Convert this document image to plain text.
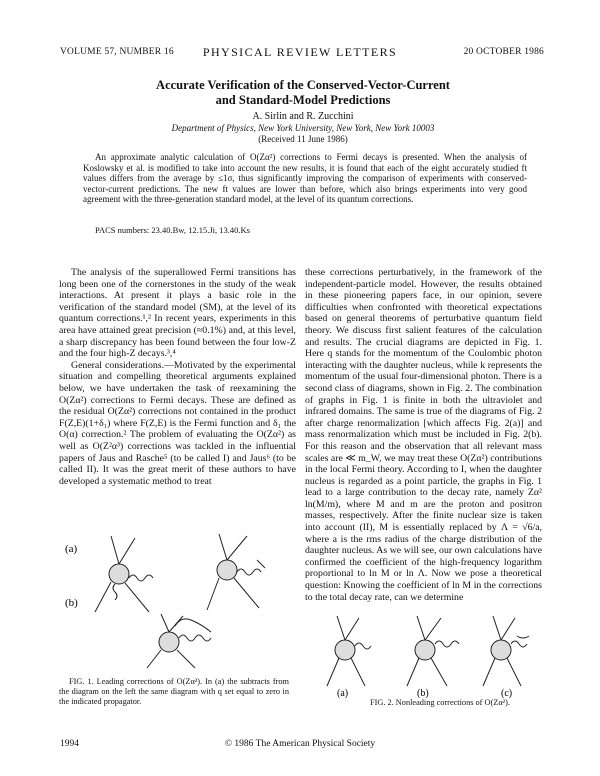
VOLUME 57, NUMBER 16	PHYSICAL REVIEW LETTERS	20 OCTOBER 1986
Accurate Verification of the Conserved-Vector-Current
and Standard-Model Predictions
A. Sirlin and R. Zucchini
Department of Physics, New York University, New York, New York 10003
(Received 11 June 1986)

An approximate analytic calculation of O(Zα²) corrections to Fermi decays is presented. When the analysis of Koslowsky et al. is modified to take into account the new results, it is found that each of the eight accurately studied ft values differs from the average by ≤1σ, thus significantly improving the comparison of experiments with conserved-vector-current predictions. The new ft values are lower than before, which also brings experiments into very good agreement with the three-generation standard model, at the level of its quantum corrections.

PACS numbers: 23.40.Bw, 12.15.Ji, 13.40.Ks

The analysis of the superallowed Fermi transitions has long been one of the cornerstones in the study of the weak interactions. At present it plays a basic role in the verification of the standard model (SM), at the level of its quantum corrections.¹,² In recent years, experiments in this area have attained great precision (≈0.1%) and, at this level, a sharp discrepancy has been found between the four low-Z and the four high-Z decays.³,⁴

General considerations.—Motivated by the experimental situation and compelling theoretical arguments explained below, we have undertaken the task of reexamining the O(Zα²) corrections to Fermi decays. These are defined as the residual O(Zα²) corrections not contained in the product F(Z,E)(1+δ₁) where F(Z,E) is the Fermi function and δ₁ the O(α) correction.² The problem of evaluating the O(Zα²) as well as O(Z²α³) corrections was tackled in the influential papers of Jaus and Rasche⁵ (to be called I) and Jaus⁶ (to be called II). It was the great merit of these authors to have developed a systematic method to treat

these corrections perturbatively, in the framework of the independent-particle model. However, the results obtained in these pioneering papers face, in our opinion, severe difficulties when confronted with theoretical expectations based on general theorems of perturbative quantum field theory. We discuss first salient features of the calculation and results. The crucial diagrams are depicted in Fig. 1. Here q stands for the momentum of the Coulombic photon interacting with the daughter nucleus, while k represents the momentum of the usual four-dimensional photon. There is a second class of diagrams, shown in Fig. 2. The combination of graphs in Fig. 1 is finite in both the ultraviolet and infrared domains. The same is true of the diagrams of Fig. 2 after charge renormalization [which affects Fig. 2(a)] and mass renormalization which must be included in Fig. 2(b). For this reason and the observation that all relevant mass scales are ≪ m_W, we may treat these O(Zα²) contributions in the local Fermi theory. According to I, when the daughter nucleus is regarded as a point particle, the graphs in Fig. 1 lead to a large contribution to the decay rate, namely Zα² ln(M/m), where M and m are the proton and positron masses, respectively. After the finite nuclear size is taken into account (II), M is essentially replaced by Λ = √6/a, where a is the rms radius of the charge distribution of the daughter nucleus. As we will see, our own calculations have confirmed the coefficient of the high-frequency logarithm proportional to ln M or ln Λ. Now we pose a theoretical question: Knowing the coefficient of ln M in the corrections to the total decay rate, can we determine

(a)
(b)
FIG. 1. Leading corrections of O(Zα²). In (a) the subtracts from the diagram on the left the same diagram with q set equal to zero in the indicated propagator.
(a)	(b)	(c)
FIG. 2. Nonleading corrections of O(Zα²).
1994	© 1986 The American Physical Society
